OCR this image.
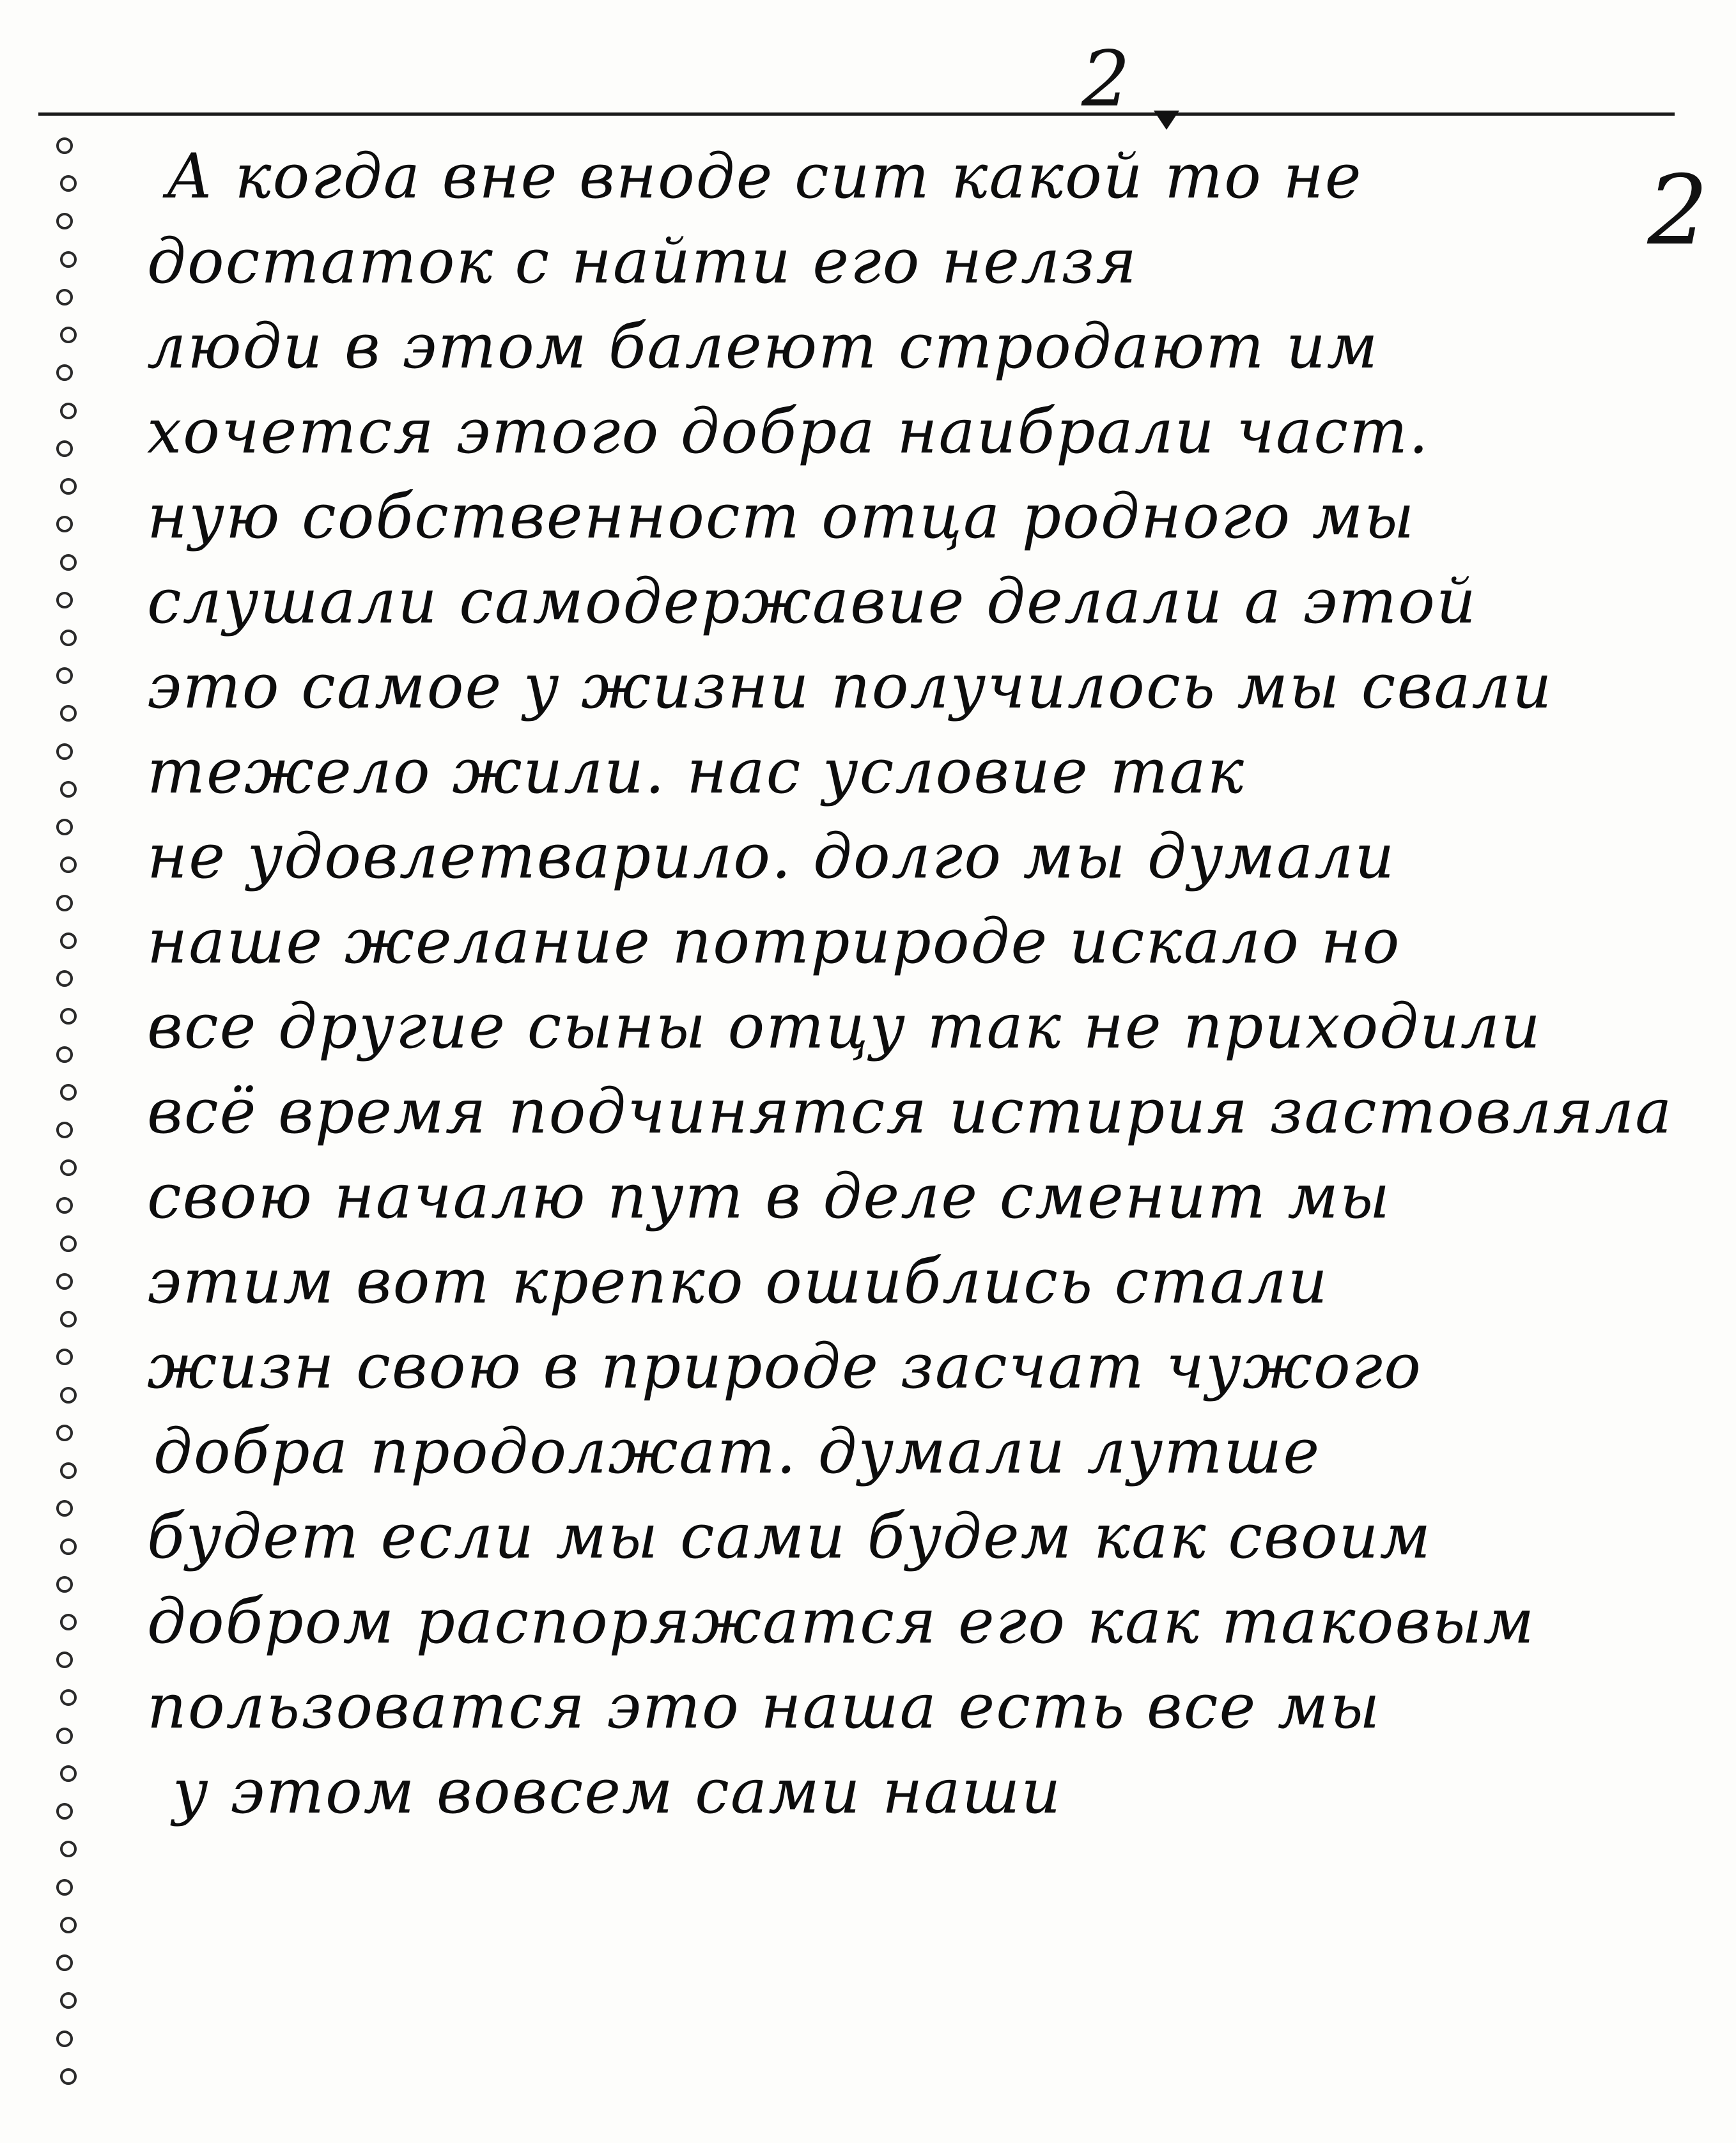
2
2
А когда вне вноде сит какой то не
достаток с найти его нелзя
люди в этом балеют стродают им
хочется этого добра наибрали част.
ную собственност отца родного мы
слушали самодержавие делали а этой
это самое у жизни получилось мы свали
тежело жили. нас условие так
не удовлетварило. долго мы думали
наше желание потрироде искало но
все другие сыны отцу так не приходили
всё время подчинятся истирия застовляла
свою началю пут в деле сменит мы
этим вот крепко ошиблись стали
жизн свою в природе засчат чужого
добра продолжат. думали лутше
будет если мы сами будем как своим
добром распоряжатся его как таковым
пользоватся это наша есть все мы
у этом вовсем сами наши
